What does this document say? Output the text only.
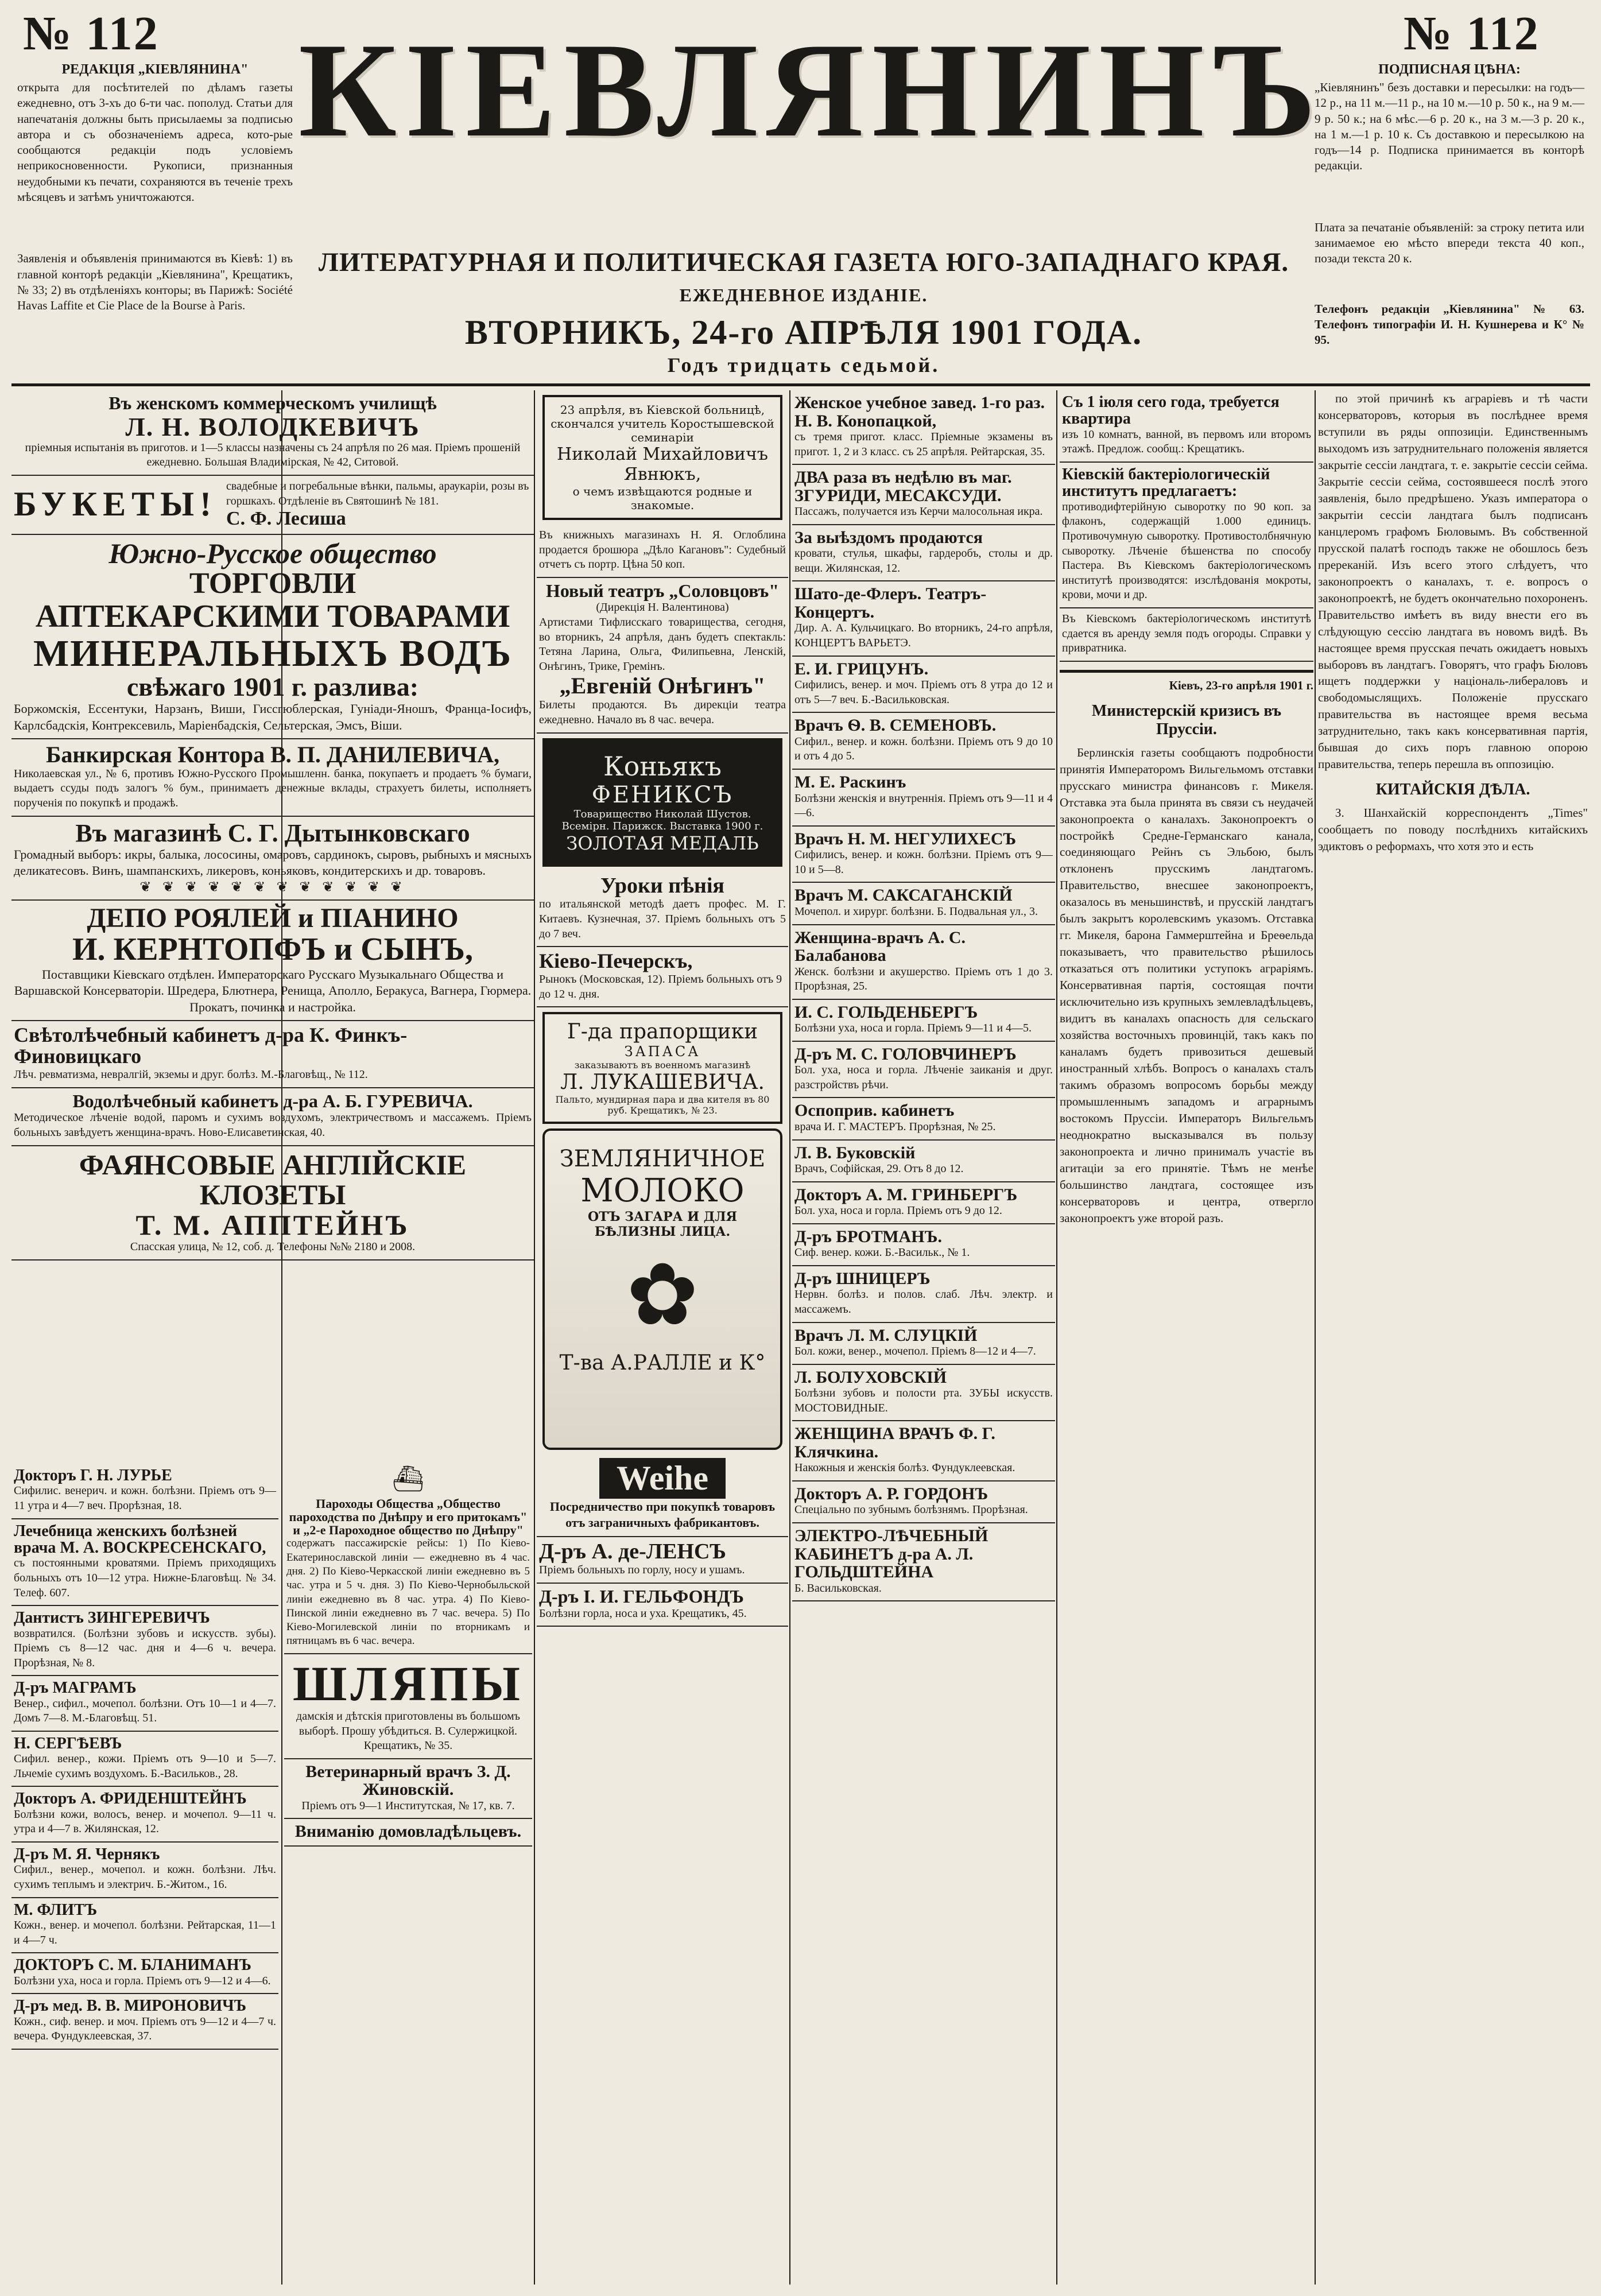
№ 112	№ 112
РЕДАКЦІЯ „КІЕВЛЯНИНА"
открыта для посѣтителей по дѣламъ газеты ежедневно, отъ 3-хъ до 6-ти час. пополуд. Статьи для напечатанія должны быть присылаемы за подписью автора и съ обозначеніемъ адреса, кото-рые сообщаются редакціи подъ условіемъ неприкосновенности. Рукописи, признанныя неудобными къ печати, сохраняются въ теченіе трехъ мѣсяцевъ и затѣмъ уничтожаются.
Заявленія и объявленія принимаются въ Кіевѣ: 1) въ главной конторѣ редакціи „Кіевлянина", Крещатикъ, № 33; 2) въ отдѣленіяхъ конторы; въ Парижѣ: Société Havas Laffite et Cie Place de la Bourse à Paris.
ПОДПИСНАЯ ЦѢНА:
„Кіевлянинъ" безъ доставки и пересылки: на годъ—12 р., на 11 м.—11 р., на 10 м.—10 р. 50 к., на 9 м.—9 р. 50 к.; на 6 мѣс.—6 р. 20 к., на 3 м.—3 р. 20 к., на 1 м.—1 р. 10 к. Съ доставкою и пересылкою на годъ—14 р. Подписка принимается въ конторѣ редакціи.
Плата за печатаніе объявленій: за строку петита или занимаемое ею мѣсто впереди текста 40 коп., позади текста 20 к.
Телефонъ редакціи „Кіевлянина" № 63. Телефонъ типографіи И. Н. Кушнерева и К° № 95.
КІЕВЛЯНИНЪ
ЛИТЕРАТУРНАЯ И ПОЛИТИЧЕСКАЯ ГАЗЕТА ЮГО-ЗАПАДНАГО КРАЯ.
ЕЖЕДНЕВНОЕ ИЗДАНІЕ.
ВТОРНИКЪ, 24-го АПРѢЛЯ 1901 ГОДА.
Годъ тридцать седьмой.
Въ женскомъ коммерческомъ училищѣ
Л. Н. ВОЛОДКЕВИЧЪ
пріемныя испытанія въ приготов. и 1—5 классы назначены съ 24 апрѣля по 26 мая. Пріемъ прошеній ежедневно. Большая Владимірская, № 42, Ситовой.
БУКЕТЫ! свадебные и погребальные вѣнки, пальмы, араукаріи, розы въ горшкахъ. Отдѣленіе въ Святошинѣ № 181.
С. Ф. Лесиша
Южно-Русское общество
ТОРГОВЛИ
АПТЕКАРСКИМИ ТОВАРАМИ
МИНЕРАЛЬНЫХЪ ВОДЪ
свѣжаго 1901 г. разлива:
Боржомскія, Ессентуки, Нарзанъ, Виши, Гиссгюблерская, Гунiади-Яношъ, Франца-Іосифъ, Карлсбадскія, Контрексевиль, Маріенбадскія, Сельтерская, Эмсъ, Віши.
Банкирская Контора В. П. ДАНИЛЕВИЧА,
Николаевская ул., № 6, противъ Южно-Русского Промышленн. банка, покупаетъ и продаетъ % бумаги, выдаетъ ссуды подъ залогъ % бум., принимаетъ денежные вклады, страхуетъ билеты, исполняетъ порученія по покупкѣ и продажѣ.
Въ магазинѣ С. Г. Дытынковскаго
Громадный выборъ: икры, балыка, лососины, омаровъ, сардинокъ, сыровъ, рыбныхъ и мясныхъ деликатесовъ. Винъ, шампанскихъ, ликеровъ, коньяковъ, кондитерскихъ и др. товаровъ.
❦ ❦ ❦ ❦ ❦ ❦ ❦ ❦ ❦ ❦ ❦ ❦
ДЕПО РОЯЛЕЙ и ПІАНИНО
И. КЕРНТОПФЪ и СЫНЪ,
Поставщики Кіевскаго отдѣлен. Императорскаго Русскаго Музыкальнаго Общества и Варшавской Консерваторіи. Шредера, Блютнера, Ренища, Аполло, Беракуса, Вагнера, Гюрмера. Прокатъ, починка и настройка.
Свѣтолѣчебный кабинетъ д-ра К. Финкъ-Финовицкаго
Лѣч. ревматизма, невралгій, экземы и друг. болѣз. М.-Благовѣщ., № 112.
Водолѣчебный кабинетъ д-ра А. Б. ГУРЕВИЧА.
Методическое лѣченіе водой, паромъ и сухимъ воздухомъ, электричествомъ и массажемъ. Пріемъ больныхъ завѣдуетъ женщина-врачъ. Ново-Елисаветинская, 40.
ФАЯНСОВЫЕ АНГЛІЙСКІЕ КЛОЗЕТЫ
Т. М. АППТЕЙНЪ
Спасская улица, № 12, соб. д. Телефоны №№ 2180 и 2008.
Докторъ Г. Н. ЛУРЬЕ
Сифилис. венерич. и кожн. болѣзни. Пріемъ отъ 9—11 утра и 4—7 веч. Прорѣзная, 18.
Лечебница женскихъ болѣзней врача М. А. ВОСКРЕСЕНСКАГО,
съ постоянными кроватями. Пріемъ приходящихъ больныхъ отъ 10—12 утра. Нижне-Благовѣщ. № 34. Телеф. 607.
Дантистъ ЗИНГЕРЕВИЧЪ
возвратился. (Болѣзни зубовъ и искусств. зубы). Пріемъ съ 8—12 час. дня и 4—6 ч. вечера. Прорѣзная, № 8.
Д-ръ МАГРАМЪ
Венер., сифил., мочепол. болѣзни. Отъ 10—1 и 4—7. Домъ 7—8. М.-Благовѣщ. 51.
Н. СЕРГѢЕВЪ
Сифил. венер., кожи. Пріемъ отъ 9—10 и 5—7. Льчеміе сухимъ воздухомъ. Б.-Васильков., 28.
Докторъ А. ФРИДЕНШТЕЙНЪ
Болѣзни кожи, волосъ, венер. и мочепол. 9—11 ч. утра и 4—7 в. Жилянская, 12.
Д-ръ М. Я. Чернякъ
Сифил., венер., мочепол. и кожн. болѣзни. Лѣч. сухимъ теплымъ и электрич. Б.-Житом., 16.
М. ФЛИТЪ
Кожн., венер. и мочепол. болѣзни. Рейтарская, 11—1 и 4—7 ч.
ДОКТОРЪ С. М. БЛАНИМАНЪ
Болѣзни уха, носа и горла. Пріемъ отъ 9—12 и 4—6.
Д-ръ мед. В. В. МИРОНОВИЧЪ
Кожн., сиф. венер. и моч. Пріемъ отъ 9—12 и 4—7 ч. вечера. Фундуклеевская, 37.
⛴
Пароходы Общества „Общество пароходства по Днѣпру и его притокамъ" и „2-е Пароходное общество по Днѣпру"
содержатъ пассажирскіе рейсы: 1) По Кіево-Екатеринославской линіи — ежедневно въ 4 час. дня. 2) По Кіево-Черкасской линіи ежедневно въ 5 час. утра и 5 ч. дня. 3) По Кіево-Чернобыльской линіи ежедневно въ 8 час. утра. 4) По Кіево-Пинской линіи ежедневно въ 7 час. вечера. 5) По Кіево-Могилевской линіи по вторникамъ и пятницамъ въ 6 час. вечера.
ШЛЯПЫ
дамскія и дѣтскія приготовлены въ большомъ выборѣ. Прошу убѣдиться. В. Сулержицкой. Крещатикъ, № 35.
Ветеринарный врачъ З. Д. Жиновскій.
Пріемъ отъ 9—1 Институтская, № 17, кв. 7.
Вниманію домовладѣльцевъ.
23 апрѣля, въ Кіевской больницѣ, скончался учитель Коростышевской семинаріи
Николай Михайловичъ Явнюкъ,
о чемъ извѣщаются родные и знакомые.
Въ книжныхъ магазинахъ Н. Я. Оглоблина продается брошюра „Дѣло Кагановъ": Судебный отчетъ съ портр. Цѣна 50 коп.
Новый театръ „Соловцовъ"
(Дирекція Н. Валентинова)
Артистами Тифлисскаго товарищества, сегодня, во вторникъ, 24 апрѣля, данъ будетъ спектакль: Тетяна Ларина, Ольга, Филипьевна, Ленскій, Онѣгинъ, Трике, Гремінъ.
„Евгеній Онѣгинъ"
Билеты продаются. Въ дирекціи театра ежедневно. Начало въ 8 час. вечера.
Коньякъ
ФЕНИКСЪ
Товарищество Николай Шустов. Всемірн. Парижск. Выставка 1900 г.
ЗОЛОТАЯ МЕДАЛЬ
Уроки пѣнія
по итальянской методѣ даетъ профес. М. Г. Китаевъ. Кузнечная, 37. Пріемъ больныхъ отъ 5 до 7 веч.
Кіево-Печерскъ,
Рынокъ (Московская, 12). Пріемъ больныхъ отъ 9 до 12 ч. дня.
Г-да прапорщики
ЗАПАСА
заказываютъ въ военномъ магазинѣ
Л. ЛУКАШЕВИЧА.
Пальто, мундирная пара и два кителя въ 80 руб. Крещатикъ, № 23.
ЗЕМЛЯНИЧНОЕ
МОЛОКО
ОТЪ ЗАГАРА И ДЛЯ БѢЛИЗНЫ ЛИЦА.
✿
Т-ва А.РАЛЛЕ и К°
Weihe
Посредничество при покупкѣ товаровъ отъ заграничныхъ фабрикантовъ.
Д-ръ А. де-ЛЕНСЪ
Пріемъ больныхъ по горлу, носу и ушамъ.
Д-ръ І. И. ГЕЛЬФОНДЪ
Болѣзни горла, носа и уха. Крещатикъ, 45.
Женское учебное завед. 1-го раз. Н. В. Конопацкой,
съ тремя пригот. класс. Пріемные экзамены въ пригот. 1, 2 и 3 класс. съ 25 апрѣля. Рейтарская, 35.
ДВА раза въ недѣлю въ маг. ЗГУРИДИ, МЕСАКСУДИ.
Пассажъ, получается изъ Керчи малосольная икра.
За выѣздомъ продаются
кровати, стулья, шкафы, гардеробъ, столы и др. вещи. Жилянская, 12.
Шато-де-Флеръ. Театръ-Концертъ.
Дир. А. А. Кульчицкаго. Во вторникъ, 24-го апрѣля, КОНЦЕРТЪ ВАРЬЕТЭ.
Е. И. ГРИЦУНЪ.
Сифилисъ, венер. и моч. Пріемъ отъ 8 утра до 12 и отъ 5—7 веч. Б.-Васильковская.
Врачъ Ѳ. В. СЕМЕНОВЪ.
Сифил., венер. и кожн. болѣзни. Пріемъ отъ 9 до 10 и отъ 4 до 5.
М. Е. Раскинъ
Болѣзни женскія и внутреннія. Пріемъ отъ 9—11 и 4—6.
Врачъ Н. М. НЕГУЛИХЕСЪ
Сифилисъ, венер. и кожн. болѣзни. Пріемъ отъ 9—10 и 5—8.
Врачъ М. САКСАГАНСКІЙ
Мочепол. и хирург. болѣзни. Б. Подвальная ул., 3.
Женщина-врачъ А. С. Балабанова
Женск. болѣзни и акушерство. Пріемъ отъ 1 до 3. Прорѣзная, 25.
И. С. ГОЛЬДЕНБЕРГЪ
Болѣзни уха, носа и горла. Пріемъ 9—11 и 4—5.
Д-ръ М. С. ГОЛОВЧИНЕРЪ
Бол. уха, носа и горла. Лѣченіе заиканія и друг. разстройствъ рѣчи.
Оспоприв. кабинетъ
врача И. Г. МАСТЕРЪ. Прорѣзная, № 25.
Л. В. Буковскій
Врачъ, Софійская, 29. Отъ 8 до 12.
Докторъ А. М. ГРИНБЕРГЪ
Бол. уха, носа и горла. Пріемъ отъ 9 до 12.
Д-ръ БРОТМАНЪ.
Сиф. венер. кожи. Б.-Васильк., № 1.
Д-ръ ШНИЦЕРЪ
Нервн. болѣз. и полов. слаб. Лѣч. электр. и массажемъ.
Врачъ Л. М. СЛУЦКІЙ
Бол. кожи, венер., мочепол. Пріемъ 8—12 и 4—7.
Л. БОЛУХОВСКІЙ
Болѣзни зубовъ и полости рта. ЗУБЫ искусств. МОСТОВИДНЫЕ.
ЖЕНЩИНА ВРАЧЪ Ф. Г. Клячкина.
Накожныя и женскія болѣз. Фундуклеевская.
Докторъ А. Р. ГОРДОНЪ
Спеціально по зубнымъ болѣзнямъ. Прорѣзная.
ЭЛЕКТРО-ЛѢЧЕБНЫЙ КАБИНЕТЪ д-ра А. Л. ГОЛЬДШТЕЙНА
Б. Васильковская.
Съ 1 іюля сего года, требуется квартира
изъ 10 комнатъ, ванной, въ первомъ или второмъ этажѣ. Предлож. сообщ.: Крещатикъ.
Кіевскій бактеріологическій институтъ предлагаетъ:
противодифтерійную сыворотку по 90 коп. за флаконъ, содержащій 1.000 единицъ. Противочумную сыворотку. Противостолбнячную сыворотку. Лѣченіе бѣшенства по способу Пастера. Въ Кіевскомъ бактеріологическомъ институтѣ производятся: изслѣдованія мокроты, крови, мочи и др.
Въ Кіевскомъ бактеріологическомъ институтѣ сдается въ аренду земля подъ огороды. Справки у привратника.
Кіевъ, 23-го апрѣля 1901 г.
Министерскій кризисъ въ Пруссіи.
Берлинскія газеты сообщаютъ подробности принятія Императоромъ Вильгельмомъ отставки прусскаго министра финансовъ г. Микеля. Отставка эта была принята въ связи съ неудачей законопроекта о каналахъ. Законопроектъ о постройкѣ Средне-Германскаго канала, соединяющаго Рейнъ съ Эльбою, былъ отклоненъ прусскимъ ландтагомъ. Правительство, внесшее законопроектъ, оказалось въ меньшинствѣ, и прусскій ландтагъ былъ закрытъ королевскимъ указомъ. Отставка гг. Микеля, барона Гаммерштейна и Бреѳельда показываетъ, что правительство рѣшилось отказаться отъ политики уступокъ аграріямъ. Консервативная партія, состоящая почти исключительно изъ крупныхъ землевладѣльцевъ, видитъ въ каналахъ опасность для сельскаго хозяйства восточныхъ провинцій, такъ какъ по каналамъ будетъ привозиться дешевый иностранный хлѣбъ. Вопросъ о каналахъ сталъ такимъ образомъ вопросомъ борьбы между промышленнымъ западомъ и аграрнымъ востокомъ Пруссіи. Императоръ Вильгельмъ неоднократно высказывался въ пользу законопроекта и лично принималъ участіе въ агитаціи за его принятіе. Тѣмъ не менѣе большинство ландтага, состоящее изъ консерваторовъ и центра, отвергло законопроектъ уже второй разъ.
по этой причинѣ къ аграріевъ и тѣ части консерваторовъ, которыя въ послѣднее время вступили въ ряды оппозиціи. Единственнымъ выходомъ изъ затруднительнаго положенія является закрытіе сессіи ландтага, т. е. закрытіе сессіи сейма. Закрытіе сессіи сейма, состоявшееся послѣ этого заявленія, было предрѣшено. Указъ императора о закрытіи сессіи ландтага былъ подписанъ канцлеромъ графомъ Бюловымъ. Въ собственной прусской палатѣ господъ также не обошлось безъ пререканій. Изъ всего этого слѣдуетъ, что законопроектъ о каналахъ, т. е. вопросъ о законопроектѣ, не будетъ окончательно похороненъ. Правительство имѣетъ въ виду внести его въ слѣдующую сессію ландтага въ новомъ видѣ. Въ настоящее время прусская печать ожидаетъ новыхъ выборовъ въ ландтагъ. Говорятъ, что графъ Бюловъ ищетъ поддержки у національ-либераловъ и свободомыслящихъ. Положеніе прусскаго правительства въ настоящее время весьма затруднительно, такъ какъ консервативная партія, бывшая до сихъ поръ главною опорою правительства, теперь перешла въ оппозицію.
КИТАЙСКІЯ ДѢЛА.
З. Шанхайскій корреспондентъ „Times" сообщаетъ по поводу послѣднихъ китайскихъ эдиктовъ о реформахъ, что хотя это и есть
